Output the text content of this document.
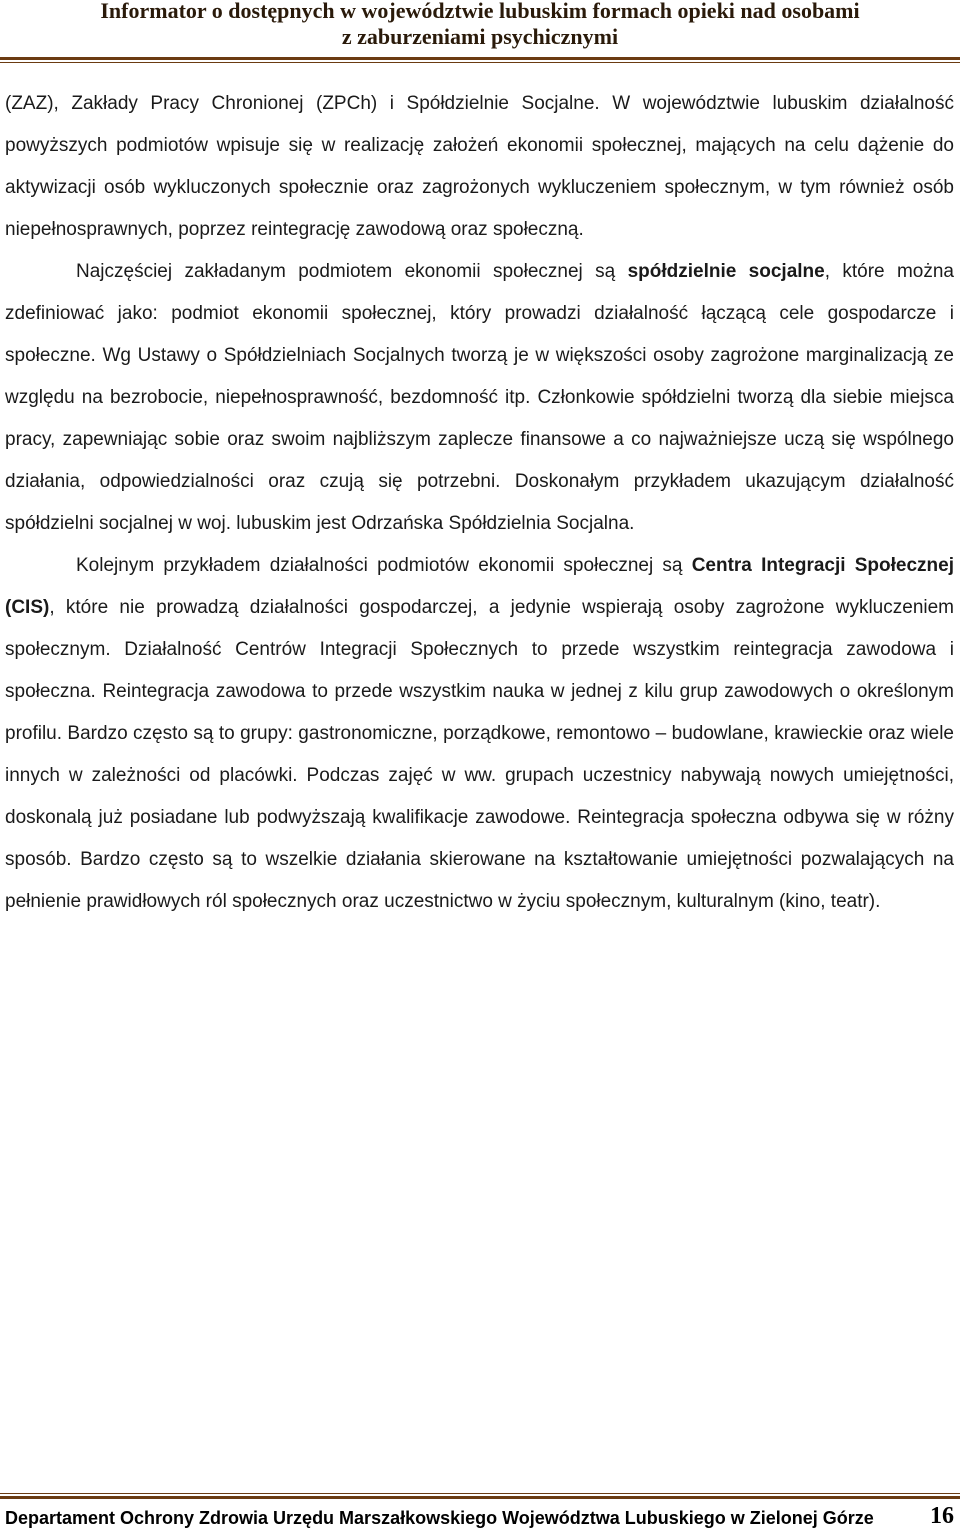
Informator o dostępnych w województwie lubuskim formach opieki nad osobami
z zaburzeniami psychicznymi

(ZAZ), Zakłady Pracy Chronionej (ZPCh) i Spółdzielnie Socjalne. W województwie lubuskim działalność powyższych podmiotów wpisuje się w realizację założeń ekonomii społecznej, mających na celu dążenie do aktywizacji osób wykluczonych społecznie oraz zagrożonych wykluczeniem społecznym, w tym również osób niepełnosprawnych, poprzez reintegrację zawodową oraz społeczną.

Najczęściej zakładanym podmiotem ekonomii społecznej są spółdzielnie socjalne, które można zdefiniować jako: podmiot ekonomii społecznej, który prowadzi działalność łączącą cele gospodarcze i społeczne. Wg Ustawy o Spółdzielniach Socjalnych tworzą je w większości osoby zagrożone marginalizacją ze względu na bezrobocie, niepełnosprawność, bezdomność itp. Członkowie spółdzielni tworzą dla siebie miejsca pracy, zapewniając sobie oraz swoim najbliższym zaplecze finansowe a co najważniejsze uczą się wspólnego działania, odpowiedzialności oraz czują się potrzebni. Doskonałym przykładem ukazującym działalność spółdzielni socjalnej w woj. lubuskim jest Odrzańska Spółdzielnia Socjalna.

Kolejnym przykładem działalności podmiotów ekonomii społecznej są Centra Integracji Społecznej (CIS), które nie prowadzą działalności gospodarczej, a jedynie wspierają osoby zagrożone wykluczeniem społecznym. Działalność Centrów Integracji Społecznych to przede wszystkim reintegracja zawodowa i społeczna. Reintegracja zawodowa to przede wszystkim nauka w jednej z kilu grup zawodowych o określonym profilu. Bardzo często są to grupy: gastronomiczne, porządkowe, remontowo – budowlane, krawieckie oraz wiele innych w zależności od placówki. Podczas zajęć w ww. grupach uczestnicy nabywają nowych umiejętności, doskonalą już posiadane lub podwyższają kwalifikacje zawodowe. Reintegracja społeczna odbywa się w różny sposób. Bardzo często są to wszelkie działania skierowane na kształtowanie umiejętności pozwalających na pełnienie prawidłowych ról społecznych oraz uczestnictwo w życiu społecznym, kulturalnym (kino, teatr).

Departament Ochrony Zdrowia Urzędu Marszałkowskiego Województwa Lubuskiego w Zielonej Górze 16
